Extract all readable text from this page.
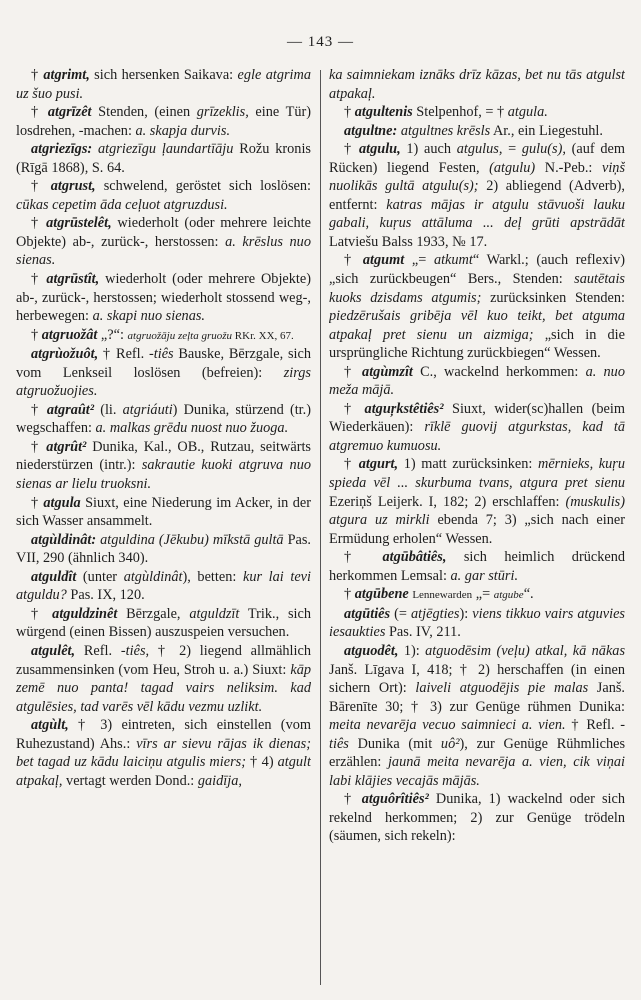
— 143 —

† atgrimt, sich hersenken Saikava: egle atgrima uz šuo pusi.

† atgrīzêt Stenden, (einen grīzeklis, eine Tür) losdrehen, -machen: a. skapja durvis.

atgriezīgs: atgriezīgu ļaundartīāju Rožu kronis (Rīgā 1868), S. 64.

† atgrust, schwelend, geröstet sich loslösen: cūkas cepetim āda ceļuot atgruzdusi.

† atgrūstelêt, wiederholt (oder mehrere leichte Objekte) ab-, zurück-, herstossen: a. krēslus nuo sienas.

† atgrūstît, wiederholt (oder mehrere Objekte) ab-, zurück-, herstossen; wiederholt stossend weg-, herbewegen: a. skapi nuo sienas.

† atgruožât „?“: atgruožāju zeļta gruožu RKr. XX, 67.

atgrùožuôt, † Refl. -tiês Bauske, Bērzgale, sich vom Lenkseil loslösen (befreien): zirgs atgruožuojies.

† atgraût² (li. atgriáuti) Dunika, stürzend (tr.) wegschaffen: a. malkas grēdu nuost nuo žuoga.

† atgrût² Dunika, Kal., OB., Rutzau, seitwärts niederstürzen (intr.): sakrautie kuoki atgruva nuo sienas ar lielu truoksni.

† atgula Siuxt, eine Niederung im Acker, in der sich Wasser ansammelt.

atgùldinât: atguldina (Jēkubu) mīkstā gultā Pas. VII, 290 (ähnlich 340).

atguldît (unter atgùldinât), betten: kur lai tevi atguldu? Pas. IX, 120.

† atguldzinêt Bērzgale, atguldzīt Trik., sich würgend (einen Bissen) auszuspeien versuchen.

atgulêt, Refl. -tiês, † 2) liegend allmählich zusammensinken (vom Heu, Stroh u. a.) Siuxt: kāp zemē nuo panta! tagad vairs neliksim. kad atgulēsies, tad varēs vēl kādu vezmu uzlikt.

atgùlt, † 3) eintreten, sich einstellen (vom Ruhezustand) Ahs.: vīrs ar sievu rājas ik dienas; bet tagad uz kādu laiciņu atgulis miers; † 4) atgult atpakaļ, vertagt werden Dond.: gaidīja,

ka saimniekam iznāks drīz kāzas, bet nu tās atgulst atpakaļ.

† atgultenis Stelpenhof, = † atgula.

atgultne: atgultnes krēsls Ar., ein Liegestuhl.

† atgulu, 1) auch atgulus, = gulu(s), (auf dem Rücken) liegend Festen, (atgulu) N.-Peb.: viņš nuolikās gultā atgulu(s); 2) abliegend (Adverb), entfernt: katras mājas ir atgulu stāvuoši lauku gabali, kuŗus attāluma ... deļ grūti apstrādāt Latviešu Balss 1933, № 17.

† atgumt „= atkumt“ Warkl.; (auch reflexiv) „sich zurückbeugen“ Bers., Stenden: sautētais kuoks dzisdams atgumis; zurücksinken Stenden: piedzērušais gribēja vēl kuo teikt, bet atguma atpakaļ pret sienu un aizmiga; „sich in die ursprüngliche Richtung zurückbiegen“ Wessen.

† atgùmzît C., wackelnd herkommen: a. nuo meža mājā.

† atguŗkstêtiês² Siuxt, wider(sc)hallen (beim Wiederkäuen): rīklē guovij atgurkstas, kad tā atgremuo kumuosu.

† atgurt, 1) matt zurücksinken: mērnieks, kuŗu spieda vēl ... skurbuma tvans, atgura pret sienu Ezeriņš Leijerk. I, 182; 2) erschlaffen: (muskulis) atgura uz mirkli ebenda 7; 3) „sich nach einer Ermüdung erholen“ Wessen.

† atgūbâtiês, sich heimlich drückend herkommen Lemsal: a. gar stūri.

† atgūbene Lennewarden „= atgube“.

atgūtiês (= atjēgties): viens tikkuo vairs atguvies iesaukties Pas. IV, 211.

atguodêt, 1): atguodēsim (veļu) atkal, kā nākas Janš. Līgava I, 418; † 2) herschaffen (in einen sichern Ort): laiveli atguodējis pie malas Janš. Bārenīte 30; † 3) zur Genüge rühmen Dunika: meita nevarēja vecuo saimnieci a. vien. † Refl. -tiês Dunika (mit uô²), zur Genüge Rühmliches erzählen: jaunā meita nevarēja a. vien, cik viņai labi klājies vecajās mājās.

† atguôrîtiês² Dunika, 1) wackelnd oder sich rekelnd herkommen; 2) zur Genüge trödeln (säumen, sich rekeln):
